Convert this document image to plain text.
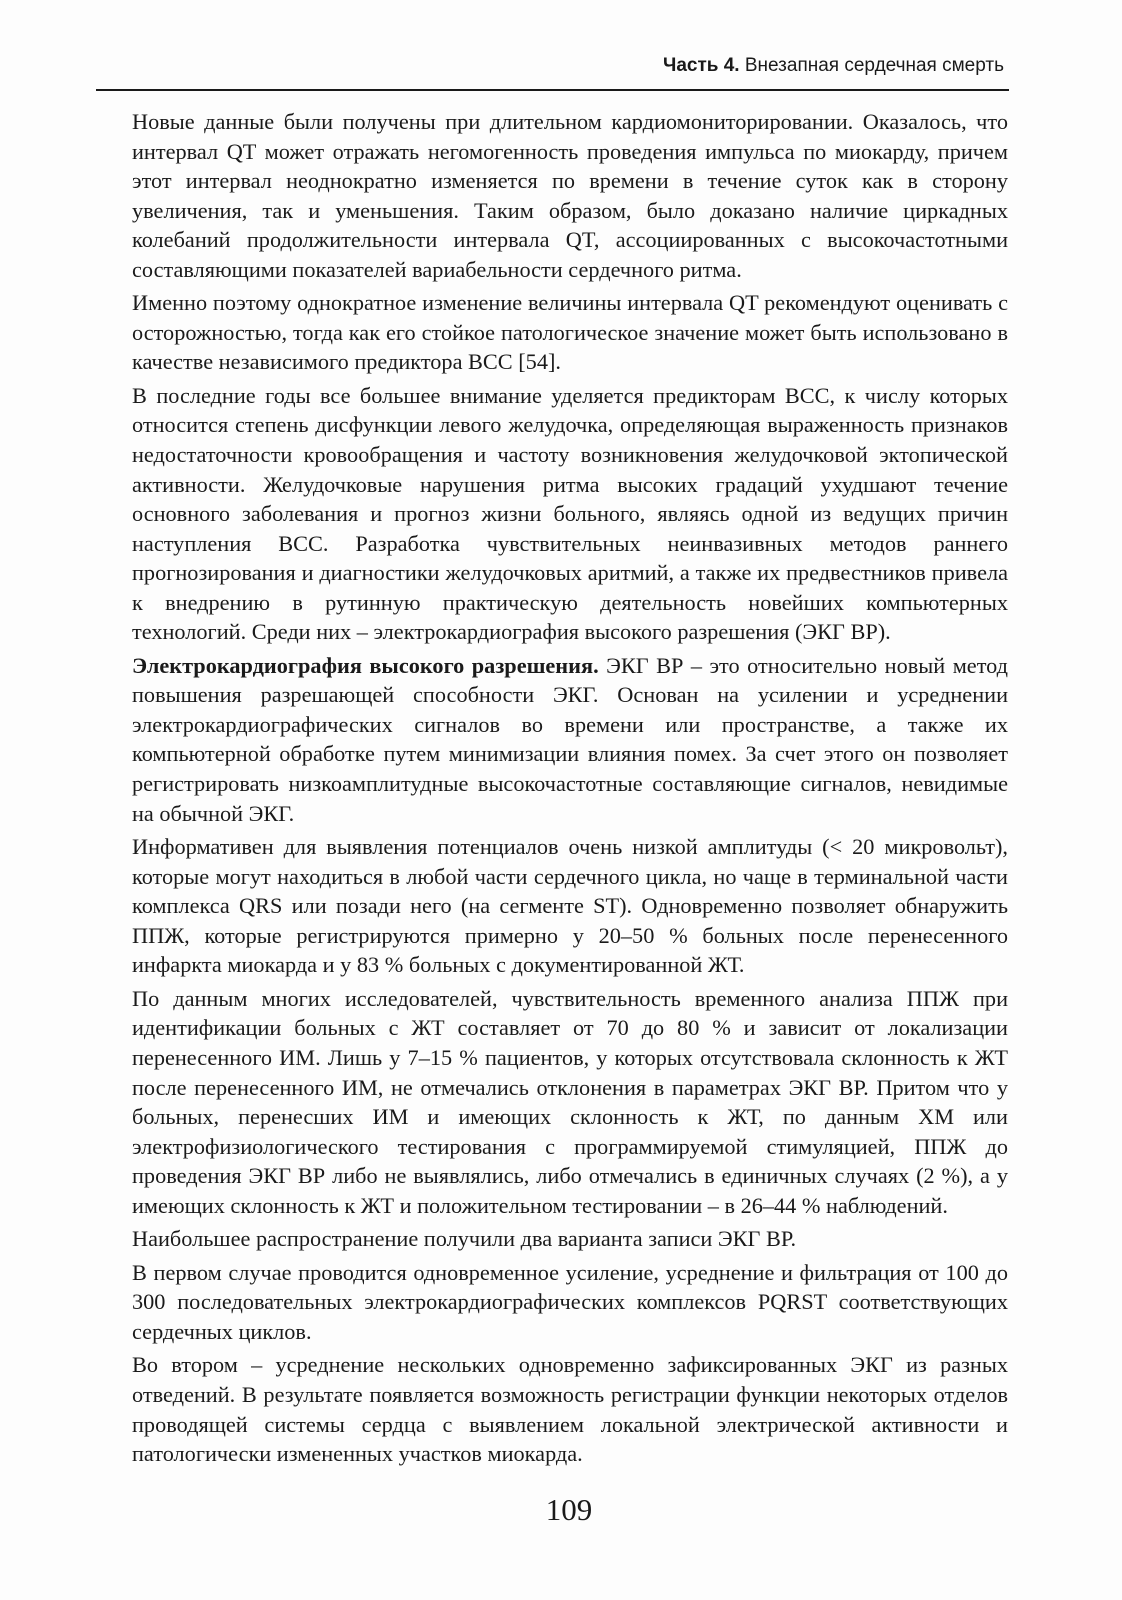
Часть 4. Внезапная сердечная смерть

Новые данные были получены при длительном кардиомониторировании. Оказалось, что интервал QT может отражать негомогенность проведения импульса по миокарду, причем этот интервал неоднократно изменяется по времени в течение суток как в сторону увеличения, так и уменьшения. Таким образом, было доказано наличие циркадных колебаний продолжительности интервала QT, ассоциированных с высокочастотными составляющими показателей вариабельности сердечного ритма.

Именно поэтому однократное изменение величины интервала QT рекомендуют оценивать с осторожностью, тогда как его стойкое патологическое значение может быть использовано в качестве независимого предиктора ВСС [54].

В последние годы все большее внимание уделяется предикторам ВСС, к числу которых относится степень дисфункции левого желудочка, определяющая выраженность признаков недостаточности кровообращения и частоту возникновения желудочковой эктопической активности. Желудочковые нарушения ритма высоких градаций ухудшают течение основного заболевания и прогноз жизни больного, являясь одной из ведущих причин наступления ВСС. Разработка чувствительных неинвазивных методов раннего прогнозирования и диагностики желудочковых аритмий, а также их предвестников привела к внедрению в рутинную практическую деятельность новейших компьютерных технологий. Среди них – электрокардиография высокого разрешения (ЭКГ ВР).

Электрокардиография высокого разрешения. ЭКГ ВР – это относительно новый метод повышения разрешающей способности ЭКГ. Основан на усилении и усреднении электрокардиографических сигналов во времени или пространстве, а также их компьютерной обработке путем минимизации влияния помех. За счет этого он позволяет регистрировать низкоамплитудные высокочастотные составляющие сигналов, невидимые на обычной ЭКГ.

Информативен для выявления потенциалов очень низкой амплитуды (< 20 микровольт), которые могут находиться в любой части сердечного цикла, но чаще в терминальной части комплекса QRS или позади него (на сегменте ST). Одновременно позволяет обнаружить ППЖ, которые регистрируются примерно у 20–50 % больных после перенесенного инфаркта миокарда и у 83 % больных с документированной ЖТ.

По данным многих исследователей, чувствительность временного анализа ППЖ при идентификации больных с ЖТ составляет от 70 до 80 % и зависит от локализации перенесенного ИМ. Лишь у 7–15 % пациентов, у которых отсутствовала склонность к ЖТ после перенесенного ИМ, не отмечались отклонения в параметрах ЭКГ ВР. Притом что у больных, перенесших ИМ и имеющих склонность к ЖТ, по данным ХМ или электрофизиологического тестирования с программируемой стимуляцией, ППЖ до проведения ЭКГ ВР либо не выявлялись, либо отмечались в единичных случаях (2 %), а у имеющих склонность к ЖТ и положительном тестировании – в 26–44 % наблюдений.

Наибольшее распространение получили два варианта записи ЭКГ ВР.

В первом случае проводится одновременное усиление, усреднение и фильтрация от 100 до 300 последовательных электрокардиографических комплексов PQRST соответствующих сердечных циклов.

Во втором – усреднение нескольких одновременно зафиксированных ЭКГ из разных отведений. В результате появляется возможность регистрации функции некоторых отделов проводящей системы сердца с выявлением локальной электрической активности и патологически измененных участков миокарда.

109
